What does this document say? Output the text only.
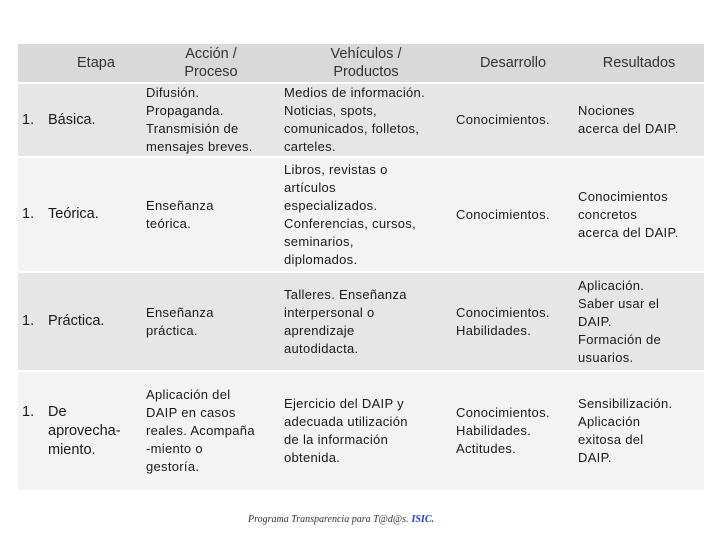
Etapa
Acción /
Proceso
Vehículos /
Productos
Desarrollo	Resultados
1. Básica.
Difusión.
Propaganda.
Transmisión de
mensajes breves.
Medios de información.
Noticias, spots,
comunicados, folletos,
carteles.
Conocimientos.
Nociones
acerca del DAIP.
1. Teórica.
Enseñanza
teórica.
Libros, revistas o
artículos
especializados.
Conferencias, cursos,
seminarios,
diplomados.
Conocimientos.
Conocimientos
concretos
acerca del DAIP.
1. Práctica.
Enseñanza
práctica.
Talleres. Enseñanza
interpersonal o
aprendizaje
autodidacta.
Conocimientos.
Habilidades.
Aplicación.
Saber usar el
DAIP.
Formación de
usuarios.
1. De
aprovecha-
miento.
Aplicación del
DAIP en casos
reales. Acompaña
-miento o
gestoría.
Ejercicio del DAIP y
adecuada utilización
de la información
obtenida.
Conocimientos.
Habilidades.
Actitudes.
Sensibilización.
Aplicación
exitosa del
DAIP.
Programa Transparencia para T@d@s. ISIC.
